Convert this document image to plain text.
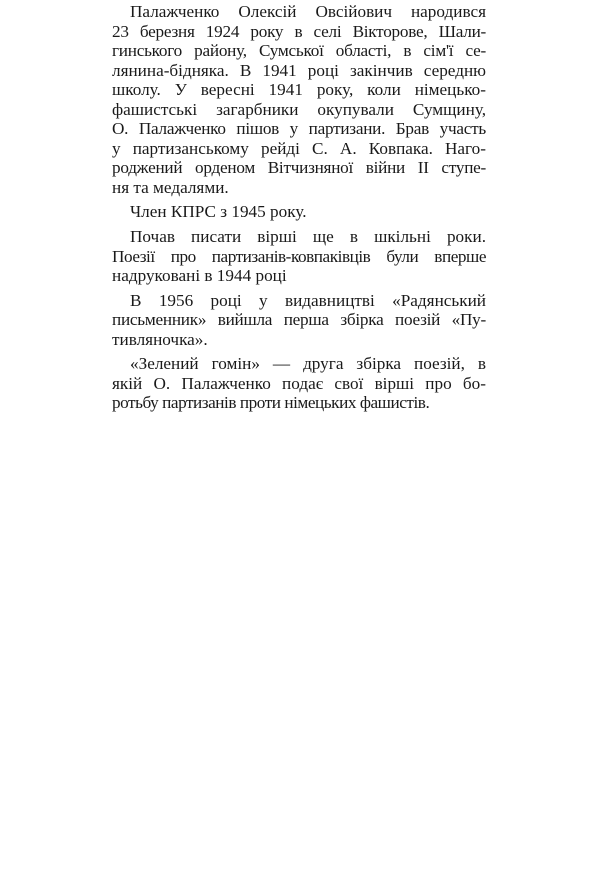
Палажченко Олексій Овсійович народився
23 березня 1924 року в селі Вікторове, Шали-
гинського району, Сумської області, в сім'ї се-
лянина-бідняка. В 1941 році закінчив середню
школу. У вересні 1941 року, коли німецько-
фашистські загарбники окупували Сумщину,
О. Палажченко пішов у партизани. Брав участь
у партизанському рейді С. А. Ковпака. Наго-
роджений орденом Вітчизняної війни II ступе-
ня та медалями.
Член КПРС з 1945 року.
Почав писати вірші ще в шкільні роки.
Поезії про партизанів-ковпаківців були вперше
надруковані в 1944 році
В 1956 році у видавництві «Радянський
письменник» вийшла перша збірка поезій «Пу-
тивляночка».
«Зелений гомін» — друга збірка поезій, в
якій О. Палажченко подає свої вірші про бо-
ротьбу партизанів проти німецьких фашистів.
